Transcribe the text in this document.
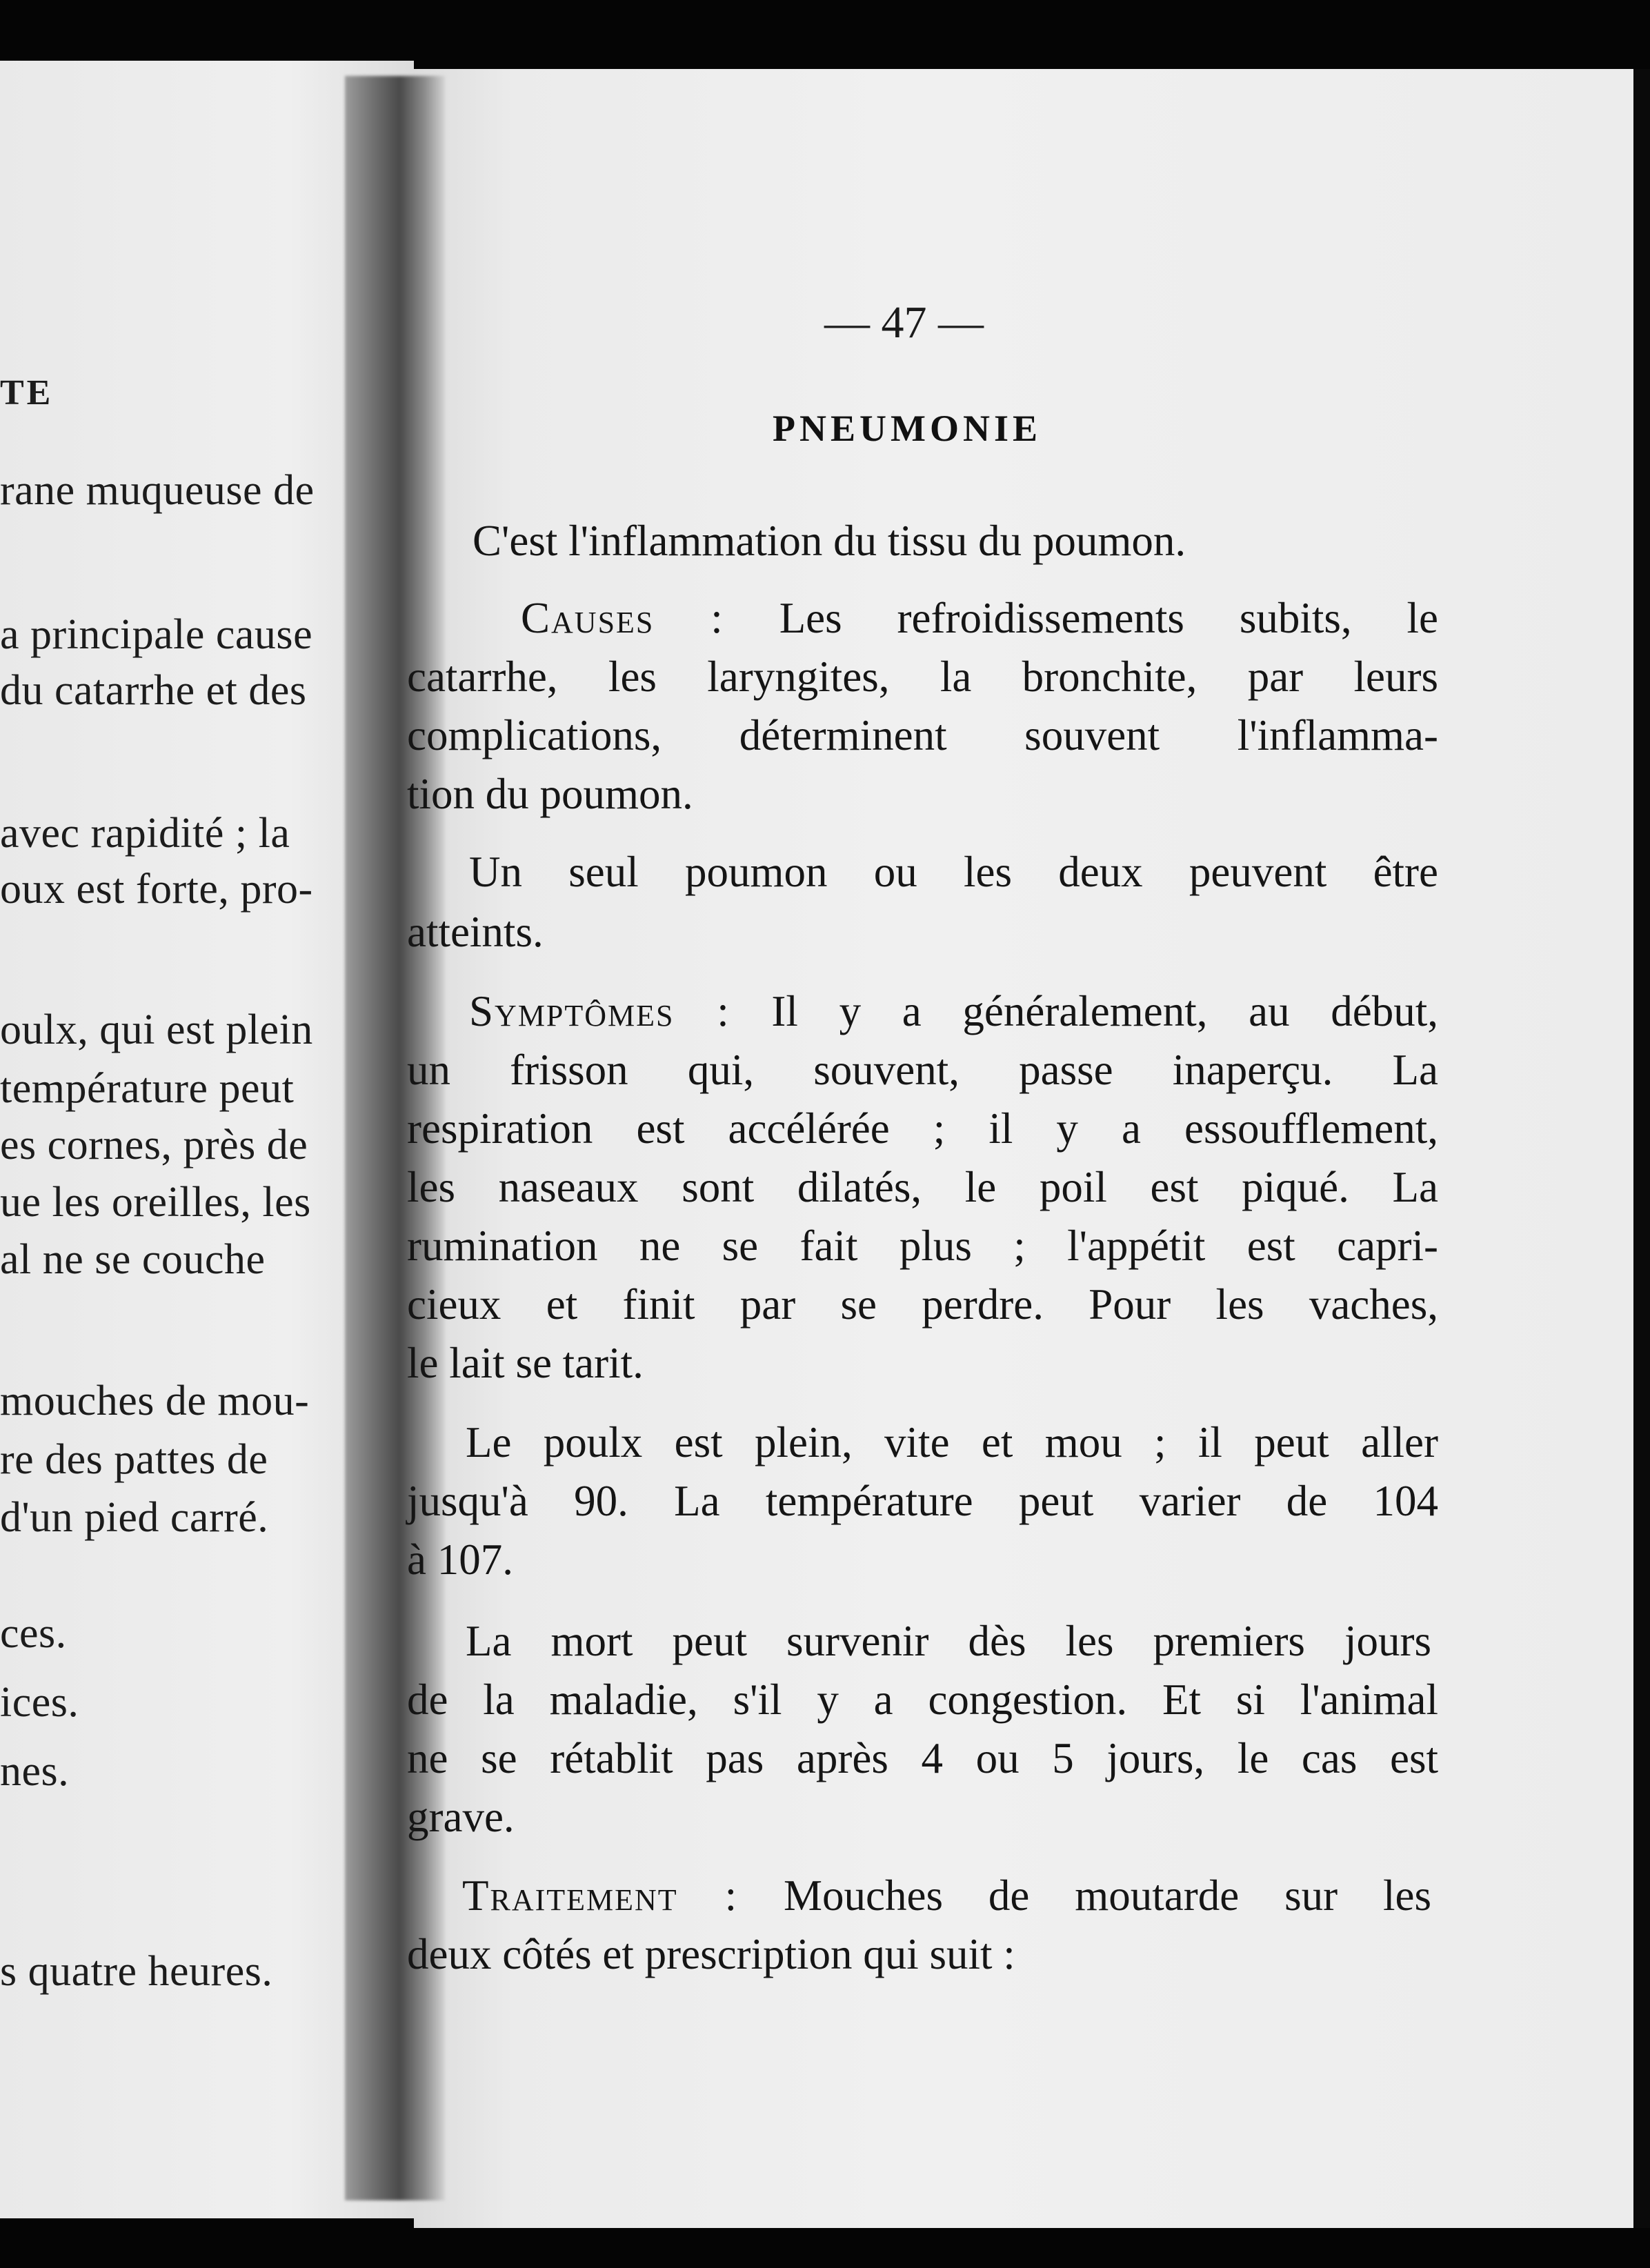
TE
rane muqueuse de
a principale cause
du catarrhe et des
avec rapidité ; la
oux est forte, pro-
oulx, qui est plein
température peut
es cornes, près de
ue les oreilles, les
al ne se couche
mouches de mou-
re des pattes de
d'un pied carré.
ces.
ices.
nes.
s quatre heures.
— 47 —
PNEUMONIE
C'est l'inflammation du tissu du poumon.
Causes : Les refroidissements subits, le
catarrhe, les laryngites, la bronchite, par leurs
complications, déterminent souvent l'inflamma-
tion du poumon.
Un seul poumon ou les deux peuvent être
atteints.
Symptômes : Il y a généralement, au début,
un frisson qui, souvent, passe inaperçu. La
respiration est accélérée ; il y a essoufflement,
les naseaux sont dilatés, le poil est piqué. La
rumination ne se fait plus ; l'appétit est capri-
cieux et finit par se perdre. Pour les vaches,
le lait se tarit.
Le poulx est plein, vite et mou ; il peut aller
jusqu'à 90. La température peut varier de 104
à 107.
La mort peut survenir dès les premiers jours
de la maladie, s'il y a congestion. Et si l'animal
ne se rétablit pas après 4 ou 5 jours, le cas est
grave.
Traitement : Mouches de moutarde sur les
deux côtés et prescription qui suit :
